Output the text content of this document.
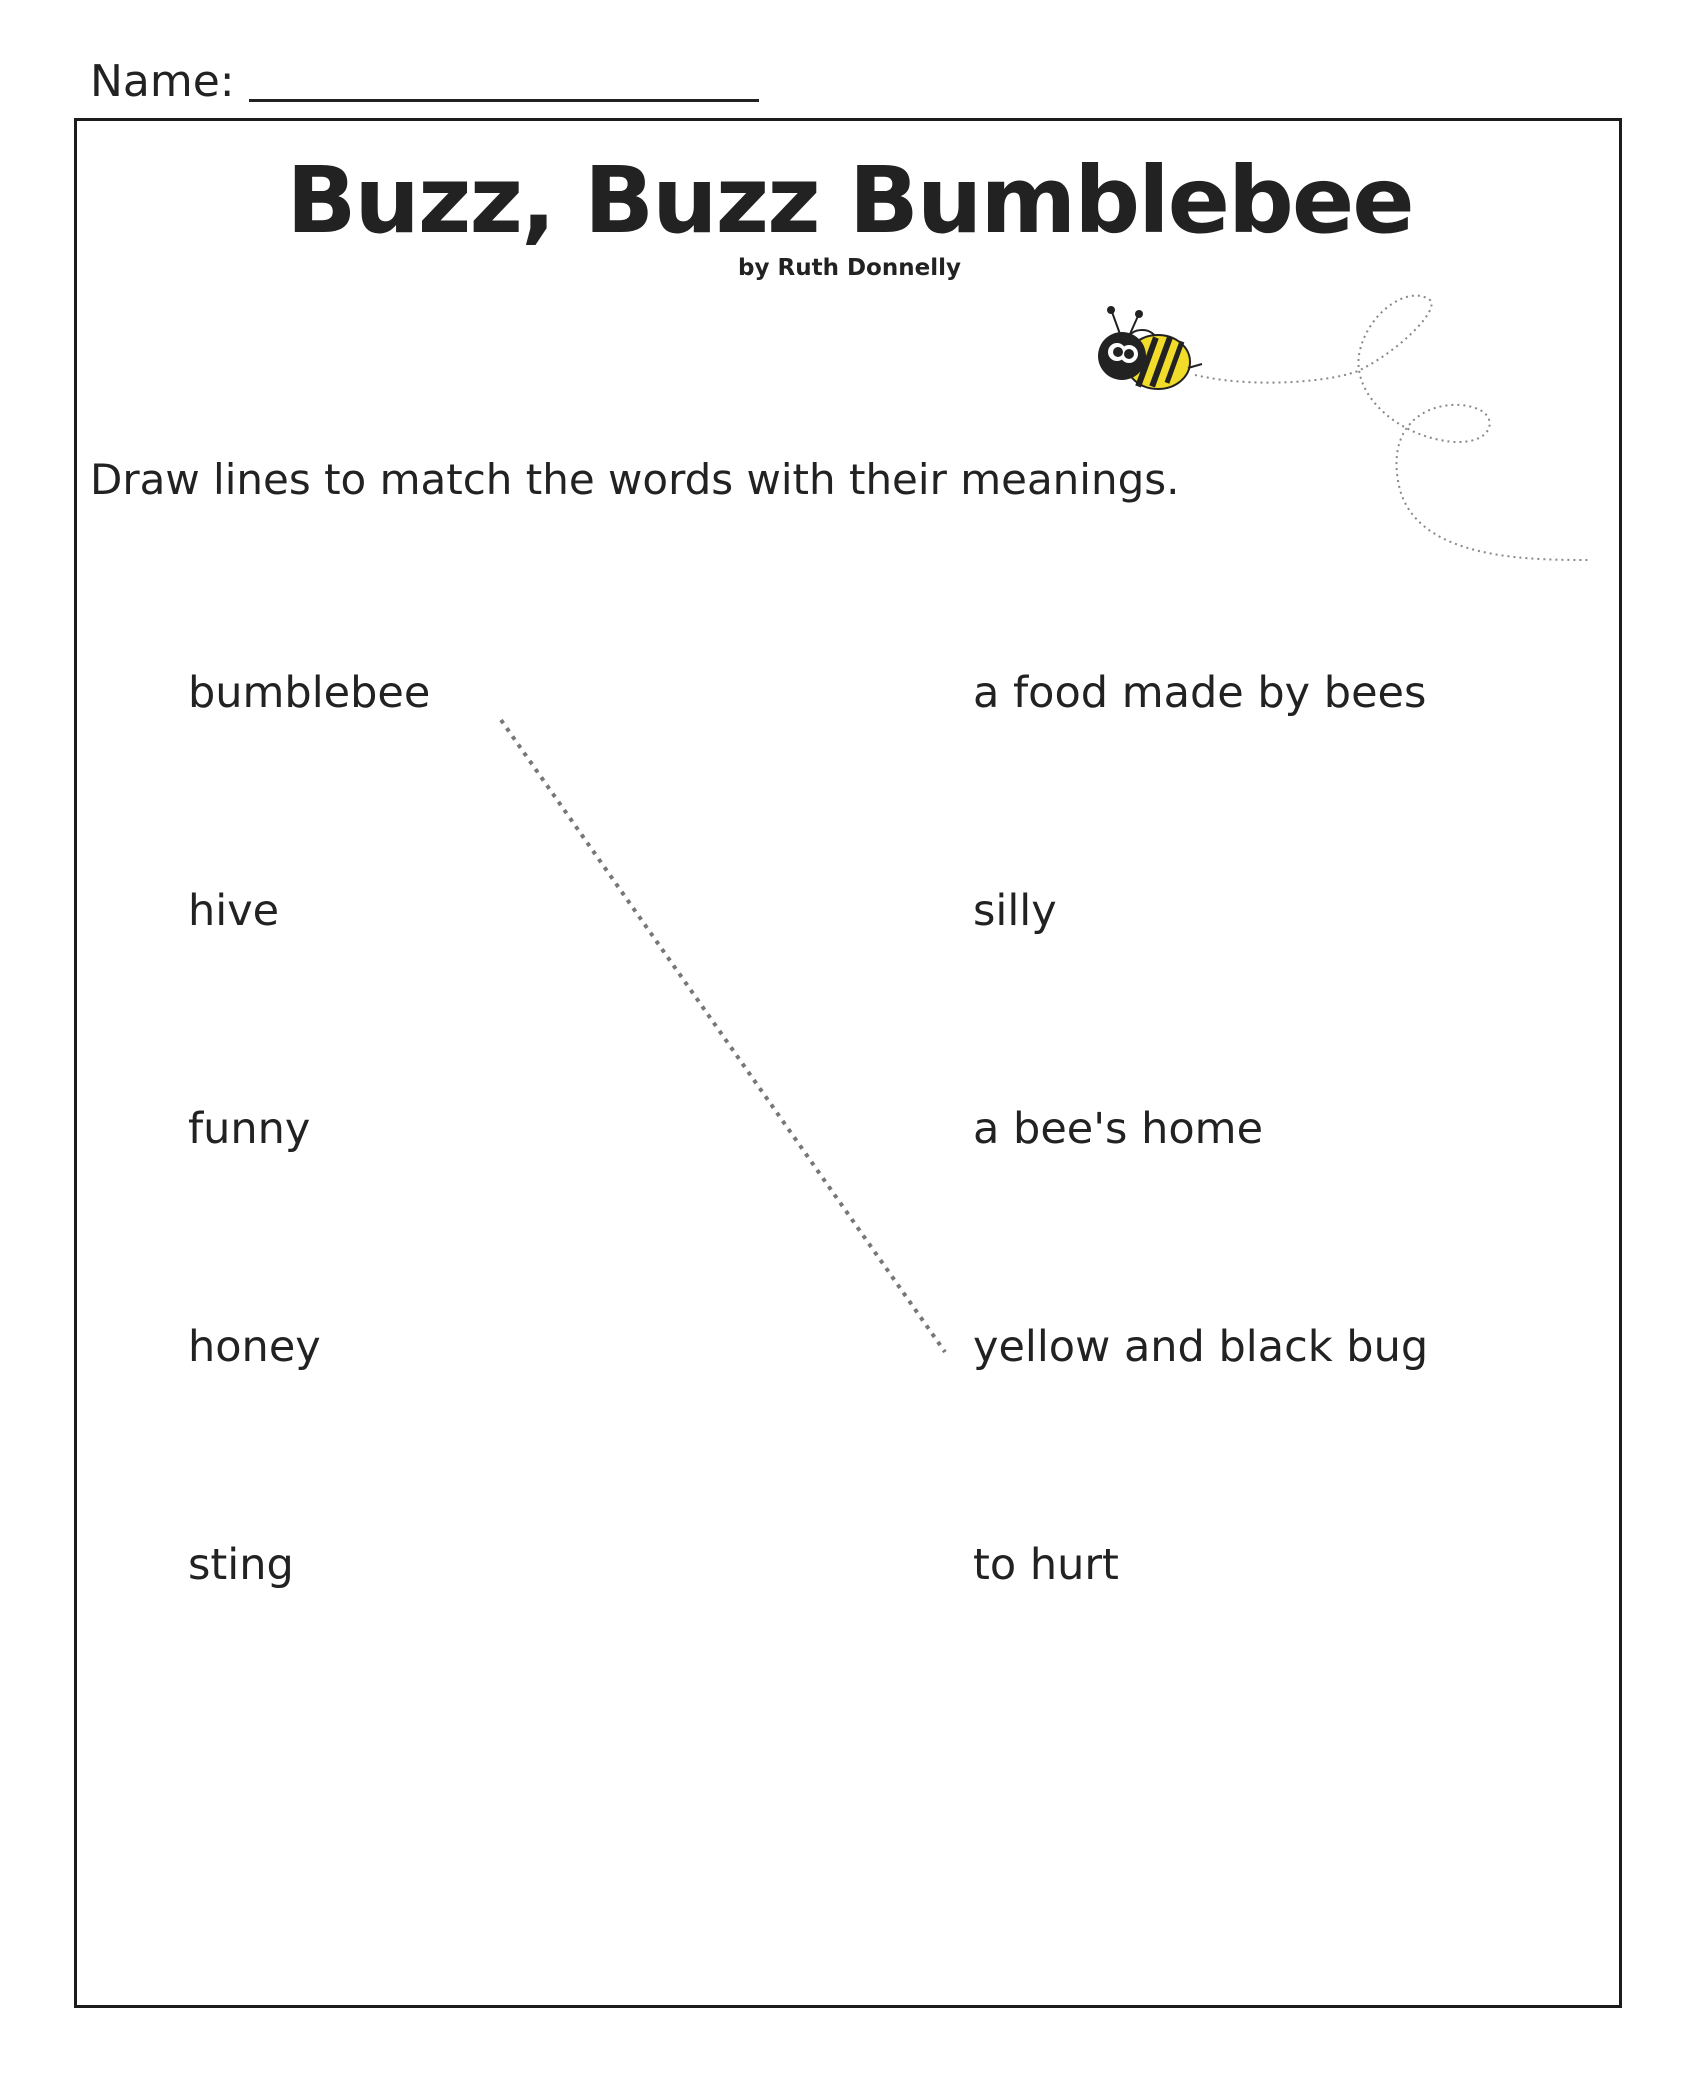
Name:
Buzz, Buzz Bumblebee
by Ruth Donnelly
Draw lines to match the words with their meanings.
bumblebee
hive
funny
honey
sting
a food made by bees
silly
a bee's home
yellow and black bug
to hurt
